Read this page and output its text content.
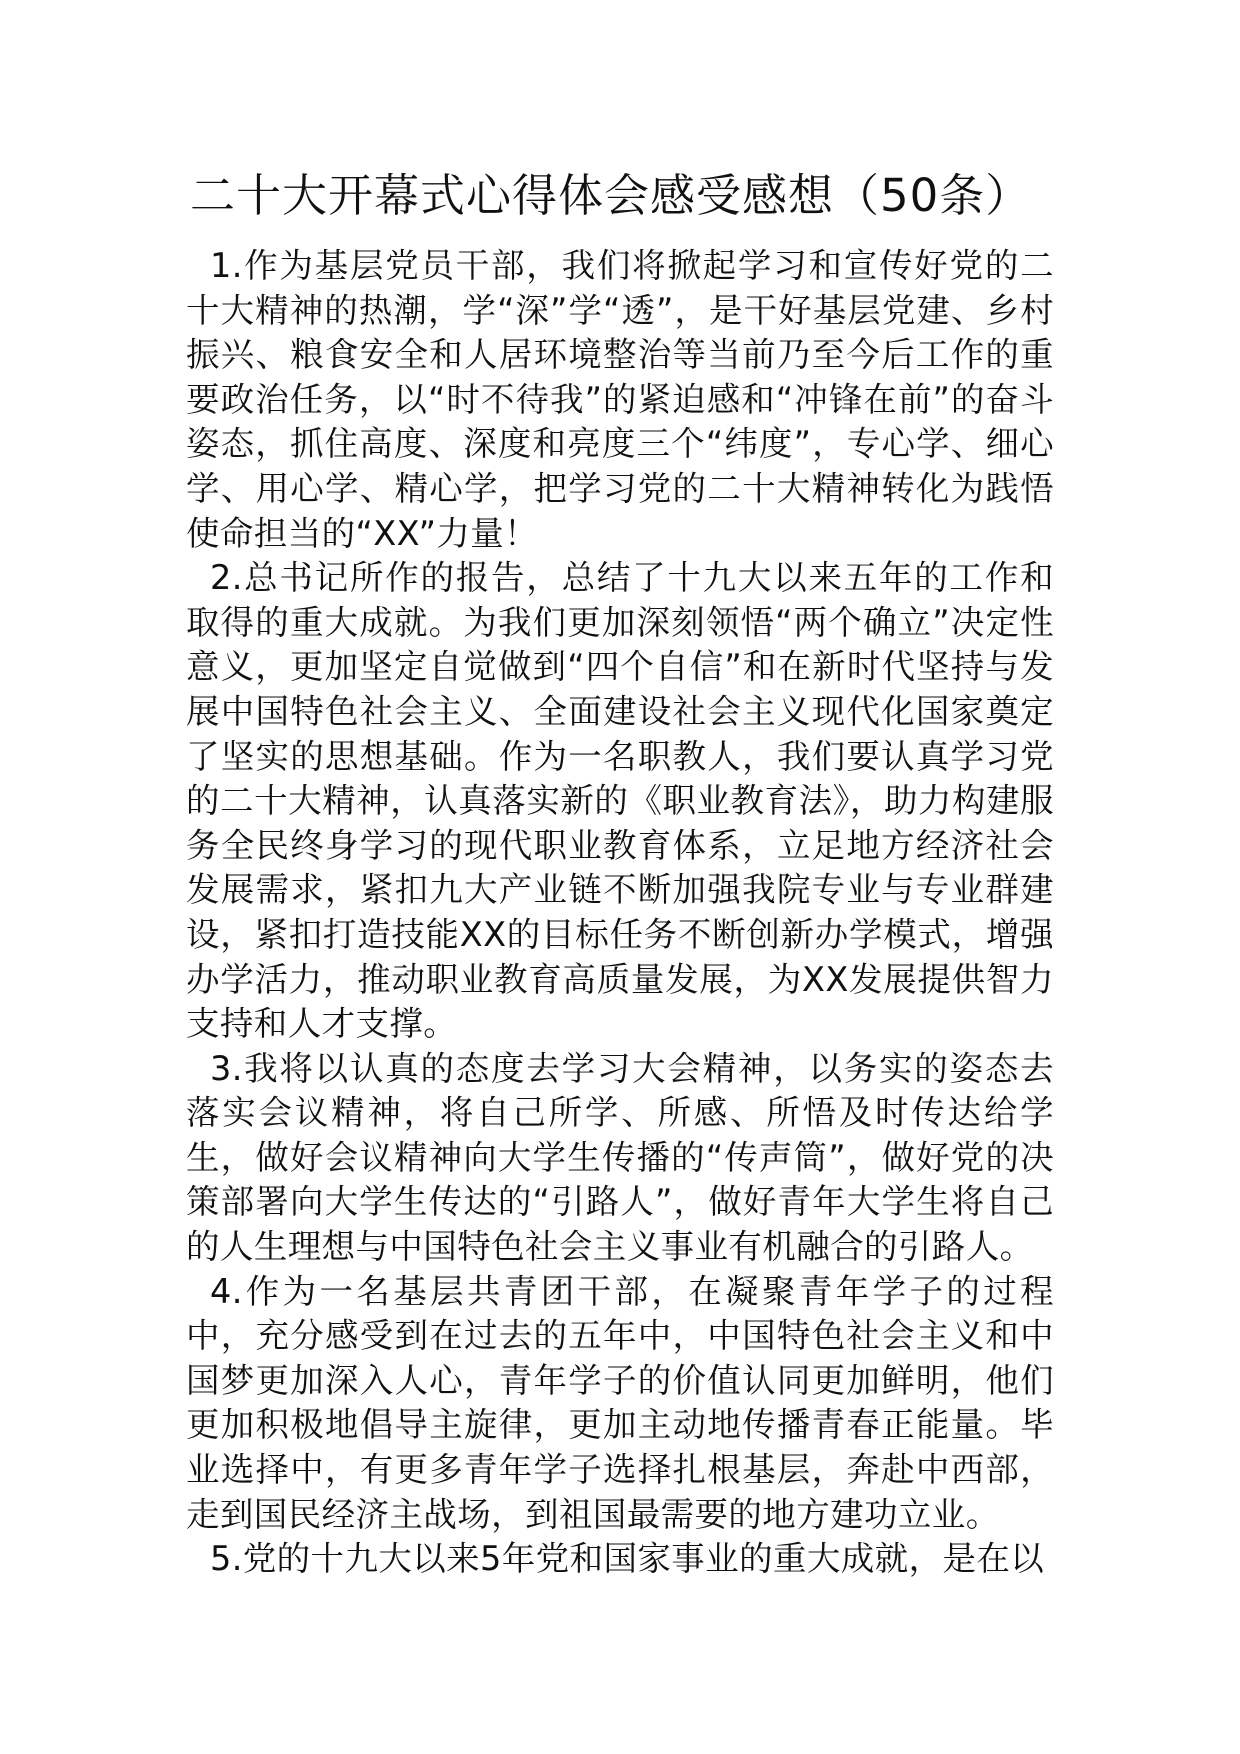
二十大开幕式心得体会感受感想（50条）

1.作为基层党员干部，我们将掀起学习和宣传好党的二十大精神的热潮，学“深”学“透”，是干好基层党建、乡村振兴、粮食安全和人居环境整治等当前乃至今后工作的重要政治任务，以“时不待我”的紧迫感和“冲锋在前”的奋斗姿态，抓住高度、深度和亮度三个“纬度”，专心学、细心学、用心学、精心学，把学习党的二十大精神转化为践悟使命担当的“XX”力量！

2.总书记所作的报告，总结了十九大以来五年的工作和取得的重大成就。为我们更加深刻领悟“两个确立”决定性意义，更加坚定自觉做到“四个自信”和在新时代坚持与发展中国特色社会主义、全面建设社会主义现代化国家奠定了坚实的思想基础。作为一名职教人，我们要认真学习党的二十大精神，认真落实新的《职业教育法》，助力构建服务全民终身学习的现代职业教育体系，立足地方经济社会发展需求，紧扣九大产业链不断加强我院专业与专业群建设，紧扣打造技能XX的目标任务不断创新办学模式，增强办学活力，推动职业教育高质量发展，为XX发展提供智力支持和人才支撑。

3.我将以认真的态度去学习大会精神，以务实的姿态去落实会议精神，将自己所学、所感、所悟及时传达给学生，做好会议精神向大学生传播的“传声筒”，做好党的决策部署向大学生传达的“引路人”，做好青年大学生将自己的人生理想与中国特色社会主义事业有机融合的引路人。

4.作为一名基层共青团干部，在凝聚青年学子的过程中，充分感受到在过去的五年中，中国特色社会主义和中国梦更加深入人心，青年学子的价值认同更加鲜明，他们更加积极地倡导主旋律，更加主动地传播青春正能量。毕业选择中，有更多青年学子选择扎根基层，奔赴中西部，走到国民经济主战场，到祖国最需要的地方建功立业。

5.党的十九大以来5年党和国家事业的重大成就，是在以
